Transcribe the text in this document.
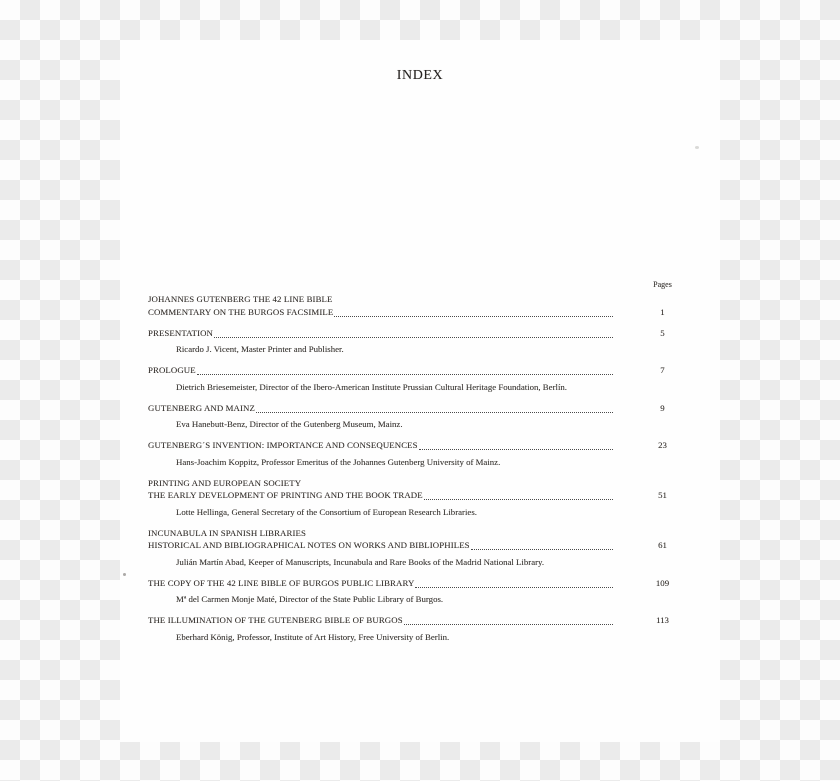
INDEX
Pages
JOHANNES GUTENBERG THE 42 LINE BIBLE
COMMENTARY ON THE BURGOS FACSIMILE	1
PRESENTATION	5
Ricardo J. Vicent, Master Printer and Publisher.
PROLOGUE	7
Dietrich Briesemeister, Director of the Ibero-American Institute Prussian Cultural Heritage Foundation, Berlín.
GUTENBERG AND MAINZ	9
Eva Hanebutt-Benz, Director of the Gutenberg Museum, Mainz.
GUTENBERG´S INVENTION: IMPORTANCE AND CONSEQUENCES	23
Hans-Joachim Koppitz, Professor Emeritus of the Johannes Gutenberg University of Mainz.
PRINTING AND EUROPEAN SOCIETY
THE EARLY DEVELOPMENT OF PRINTING AND THE BOOK TRADE	51
Lotte Hellinga, General Secretary of the Consortium of European Research Libraries.
INCUNABULA IN SPANISH LIBRARIES
HISTORICAL AND BIBLIOGRAPHICAL NOTES ON WORKS AND BIBLIOPHILES	61
Julián Martín Abad, Keeper of Manuscripts, Incunabula and Rare Books of the Madrid National Library.
THE COPY OF THE 42 LINE BIBLE OF BURGOS PUBLIC LIBRARY	109
Mª del Carmen Monje Maté, Director of the State Public Library of Burgos.
THE ILLUMINATION OF THE GUTENBERG BIBLE OF BURGOS	113
Eberhard König, Professor, Institute of Art History, Free University of Berlin.
